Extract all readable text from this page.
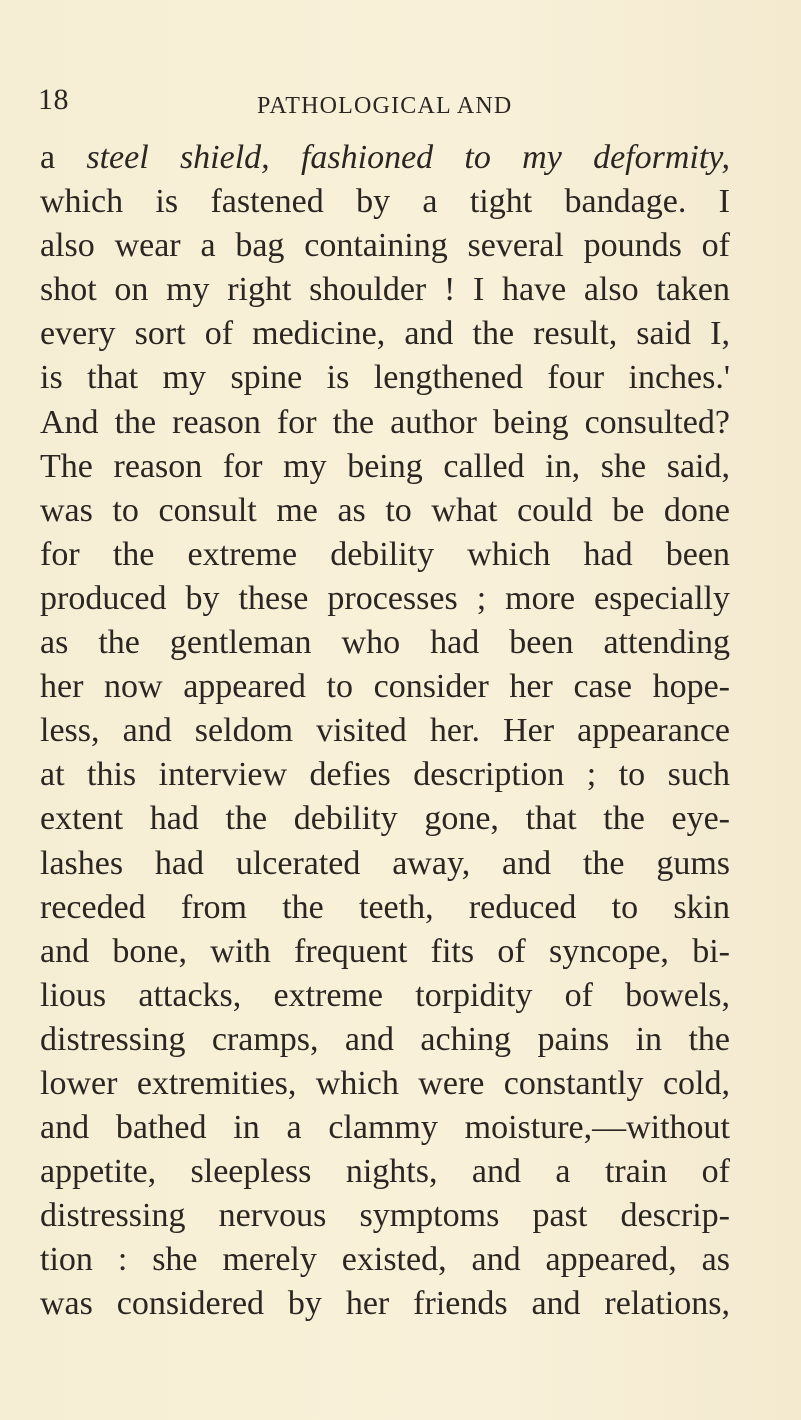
18	PATHOLOGICAL AND
a steel shield, fashioned to my deformity,
which is fastened by a tight bandage. I
also wear a bag containing several pounds of
shot on my right shoulder ! I have also taken
every sort of medicine, and the result, said I,
is that my spine is lengthened four inches.'
And the reason for the author being consulted?
The reason for my being called in, she said,
was to consult me as to what could be done
for the extreme debility which had been
produced by these processes ; more especially
as the gentleman who had been attending
her now appeared to consider her case hope-
less, and seldom visited her. Her appearance
at this interview defies description ; to such
extent had the debility gone, that the eye-
lashes had ulcerated away, and the gums
receded from the teeth, reduced to skin
and bone, with frequent fits of syncope, bi-
lious attacks, extreme torpidity of bowels,
distressing cramps, and aching pains in the
lower extremities, which were constantly cold,
and bathed in a clammy moisture,—without
appetite, sleepless nights, and a train of
distressing nervous symptoms past descrip-
tion : she merely existed, and appeared, as
was considered by her friends and relations,
